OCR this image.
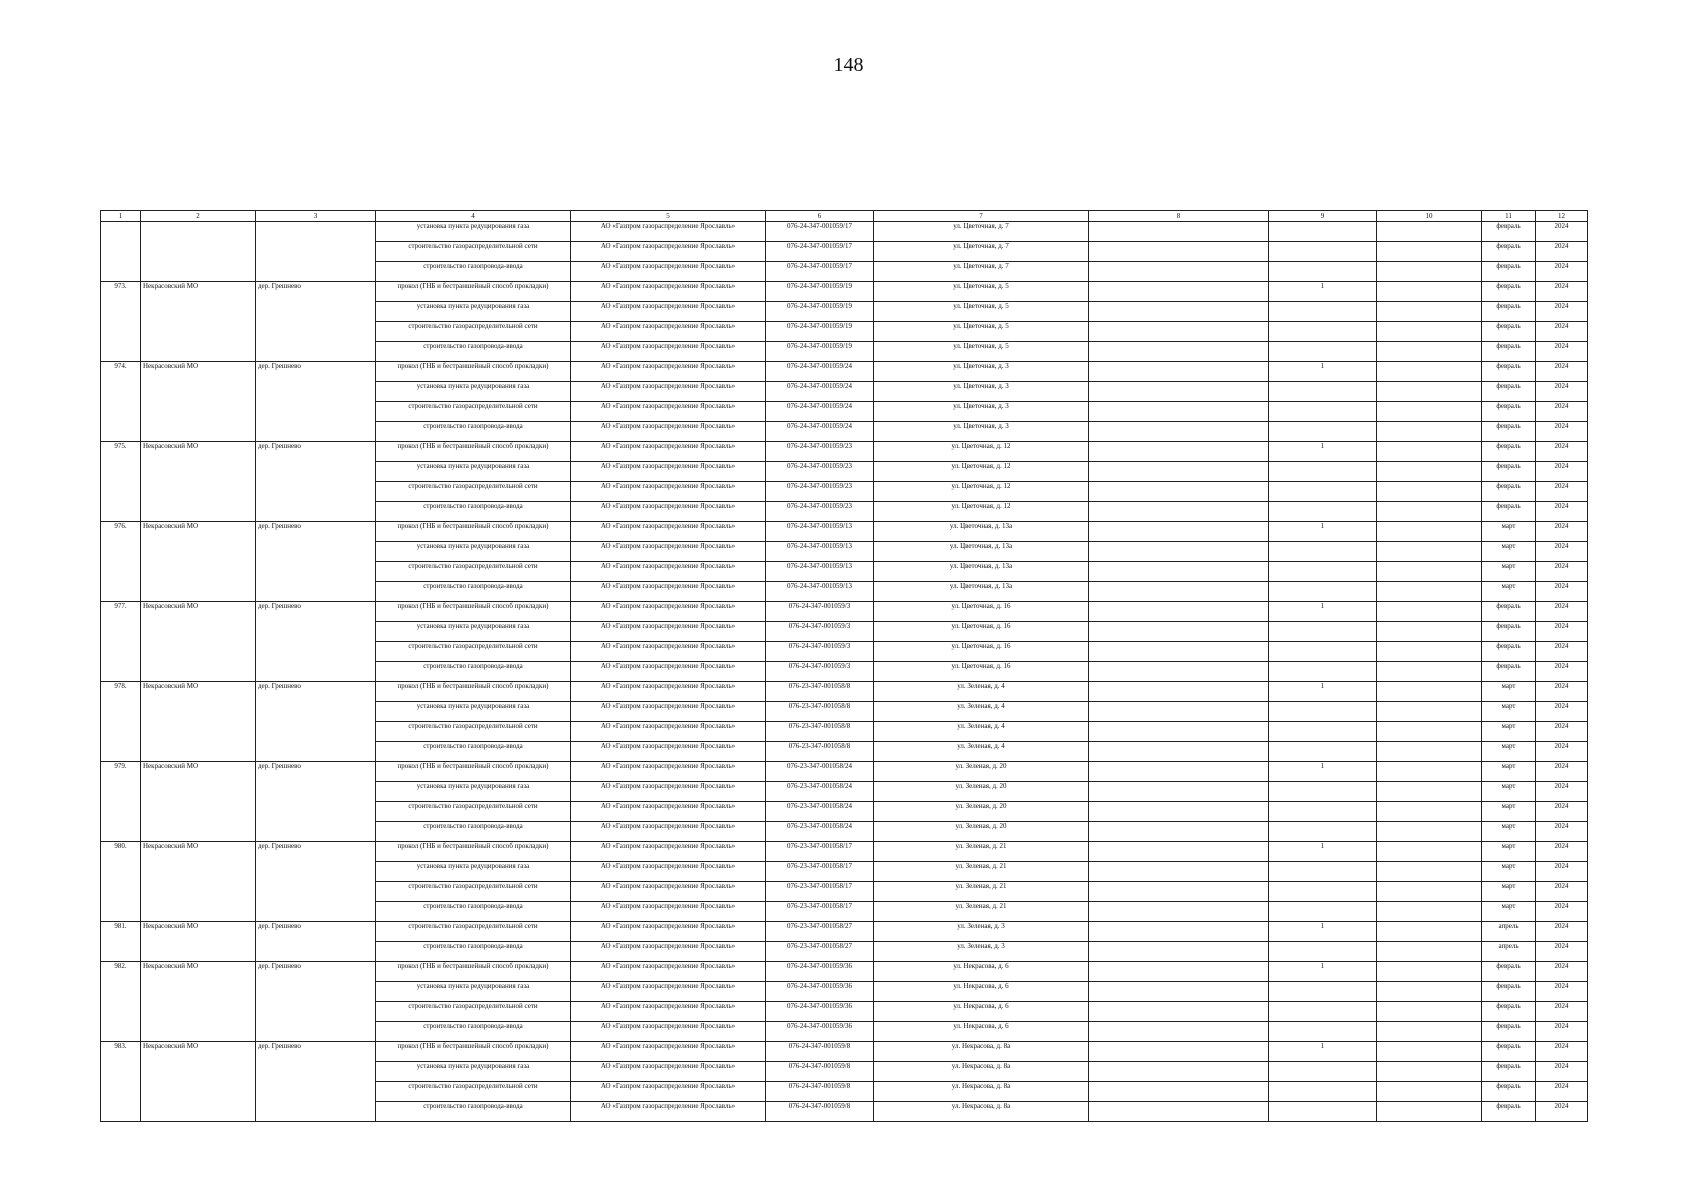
148
1	2	3	4	5	6	7	8	9	10	11	12
			установка пункта редуцирования газа	АО «Газпром газораспределение Ярославль»	076-24-347-001059/17	ул. Цветочная, д. 7				февраль	2024
			строительство газораспределительной сети	АО «Газпром газораспределение Ярославль»	076-24-347-001059/17	ул. Цветочная, д. 7				февраль	2024
			строительство газопровода-ввода	АО «Газпром газораспределение Ярославль»	076-24-347-001059/17	ул. Цветочная, д. 7				февраль	2024
973.	Некрасовский МО	дер. Грешнево	прокол (ГНБ и бестраншейный способ прокладки)	АО «Газпром газораспределение Ярославль»	076-24-347-001059/19	ул. Цветочная, д. 5		1		февраль	2024
			установка пункта редуцирования газа	АО «Газпром газораспределение Ярославль»	076-24-347-001059/19	ул. Цветочная, д. 5				февраль	2024
			строительство газораспределительной сети	АО «Газпром газораспределение Ярославль»	076-24-347-001059/19	ул. Цветочная, д. 5				февраль	2024
			строительство газопровода-ввода	АО «Газпром газораспределение Ярославль»	076-24-347-001059/19	ул. Цветочная, д. 5				февраль	2024
974.	Некрасовский МО	дер. Грешнево	прокол (ГНБ и бестраншейный способ прокладки)	АО «Газпром газораспределение Ярославль»	076-24-347-001059/24	ул. Цветочная, д. 3		1		февраль	2024
			установка пункта редуцирования газа	АО «Газпром газораспределение Ярославль»	076-24-347-001059/24	ул. Цветочная, д. 3				февраль	2024
			строительство газораспределительной сети	АО «Газпром газораспределение Ярославль»	076-24-347-001059/24	ул. Цветочная, д. 3				февраль	2024
			строительство газопровода-ввода	АО «Газпром газораспределение Ярославль»	076-24-347-001059/24	ул. Цветочная, д. 3				февраль	2024
975.	Некрасовский МО	дер. Грешнево	прокол (ГНБ и бестраншейный способ прокладки)	АО «Газпром газораспределение Ярославль»	076-24-347-001059/23	ул. Цветочная, д. 12		1		февраль	2024
			установка пункта редуцирования газа	АО «Газпром газораспределение Ярославль»	076-24-347-001059/23	ул. Цветочная, д. 12				февраль	2024
			строительство газораспределительной сети	АО «Газпром газораспределение Ярославль»	076-24-347-001059/23	ул. Цветочная, д. 12				февраль	2024
			строительство газопровода-ввода	АО «Газпром газораспределение Ярославль»	076-24-347-001059/23	ул. Цветочная, д. 12				февраль	2024
976.	Некрасовский МО	дер. Грешнево	прокол (ГНБ и бестраншейный способ прокладки)	АО «Газпром газораспределение Ярославль»	076-24-347-001059/13	ул. Цветочная, д. 13а		1		март	2024
			установка пункта редуцирования газа	АО «Газпром газораспределение Ярославль»	076-24-347-001059/13	ул. Цветочная, д. 13а				март	2024
			строительство газораспределительной сети	АО «Газпром газораспределение Ярославль»	076-24-347-001059/13	ул. Цветочная, д. 13а				март	2024
			строительство газопровода-ввода	АО «Газпром газораспределение Ярославль»	076-24-347-001059/13	ул. Цветочная, д. 13а				март	2024
977.	Некрасовский МО	дер. Грешнево	прокол (ГНБ и бестраншейный способ прокладки)	АО «Газпром газораспределение Ярославль»	076-24-347-001059/3	ул. Цветочная, д. 16		1		февраль	2024
			установка пункта редуцирования газа	АО «Газпром газораспределение Ярославль»	076-24-347-001059/3	ул. Цветочная, д. 16				февраль	2024
			строительство газораспределительной сети	АО «Газпром газораспределение Ярославль»	076-24-347-001059/3	ул. Цветочная, д. 16				февраль	2024
			строительство газопровода-ввода	АО «Газпром газораспределение Ярославль»	076-24-347-001059/3	ул. Цветочная, д. 16				февраль	2024
978.	Некрасовский МО	дер. Грешнево	прокол (ГНБ и бестраншейный способ прокладки)	АО «Газпром газораспределение Ярославль»	076-23-347-001058/8	ул. Зеленая, д. 4		1		март	2024
			установка пункта редуцирования газа	АО «Газпром газораспределение Ярославль»	076-23-347-001058/8	ул. Зеленая, д. 4				март	2024
			строительство газораспределительной сети	АО «Газпром газораспределение Ярославль»	076-23-347-001058/8	ул. Зеленая, д. 4				март	2024
			строительство газопровода-ввода	АО «Газпром газораспределение Ярославль»	076-23-347-001058/8	ул. Зеленая, д. 4				март	2024
979.	Некрасовский МО	дер. Грешнево	прокол (ГНБ и бестраншейный способ прокладки)	АО «Газпром газораспределение Ярославль»	076-23-347-001058/24	ул. Зеленая, д. 20		1		март	2024
			установка пункта редуцирования газа	АО «Газпром газораспределение Ярославль»	076-23-347-001058/24	ул. Зеленая, д. 20				март	2024
			строительство газораспределительной сети	АО «Газпром газораспределение Ярославль»	076-23-347-001058/24	ул. Зеленая, д. 20				март	2024
			строительство газопровода-ввода	АО «Газпром газораспределение Ярославль»	076-23-347-001058/24	ул. Зеленая, д. 20				март	2024
980.	Некрасовский МО	дер. Грешнево	прокол (ГНБ и бестраншейный способ прокладки)	АО «Газпром газораспределение Ярославль»	076-23-347-001058/17	ул. Зеленая, д. 21		1		март	2024
			установка пункта редуцирования газа	АО «Газпром газораспределение Ярославль»	076-23-347-001058/17	ул. Зеленая, д. 21				март	2024
			строительство газораспределительной сети	АО «Газпром газораспределение Ярославль»	076-23-347-001058/17	ул. Зеленая, д. 21				март	2024
			строительство газопровода-ввода	АО «Газпром газораспределение Ярославль»	076-23-347-001058/17	ул. Зеленая, д. 21				март	2024
981.	Некрасовский МО	дер. Грешнево	строительство газораспределительной сети	АО «Газпром газораспределение Ярославль»	076-23-347-001058/27	ул. Зеленая, д. 3		1		апрель	2024
			строительство газопровода-ввода	АО «Газпром газораспределение Ярославль»	076-23-347-001058/27	ул. Зеленая, д. 3				апрель	2024
982.	Некрасовский МО	дер. Грешнево	прокол (ГНБ и бестраншейный способ прокладки)	АО «Газпром газораспределение Ярославль»	076-24-347-001059/36	ул. Некрасова, д. 6		1		февраль	2024
			установка пункта редуцирования газа	АО «Газпром газораспределение Ярославль»	076-24-347-001059/36	ул. Некрасова, д. 6				февраль	2024
			строительство газораспределительной сети	АО «Газпром газораспределение Ярославль»	076-24-347-001059/36	ул. Некрасова, д. 6				февраль	2024
			строительство газопровода-ввода	АО «Газпром газораспределение Ярославль»	076-24-347-001059/36	ул. Некрасова, д. 6				февраль	2024
983.	Некрасовский МО	дер. Грешнево	прокол (ГНБ и бестраншейный способ прокладки)	АО «Газпром газораспределение Ярославль»	076-24-347-001059/8	ул. Некрасова, д. 8а		1		февраль	2024
			установка пункта редуцирования газа	АО «Газпром газораспределение Ярославль»	076-24-347-001059/8	ул. Некрасова, д. 8а				февраль	2024
			строительство газораспределительной сети	АО «Газпром газораспределение Ярославль»	076-24-347-001059/8	ул. Некрасова, д. 8а				февраль	2024
			строительство газопровода-ввода	АО «Газпром газораспределение Ярославль»	076-24-347-001059/8	ул. Некрасова, д. 8а				февраль	2024
